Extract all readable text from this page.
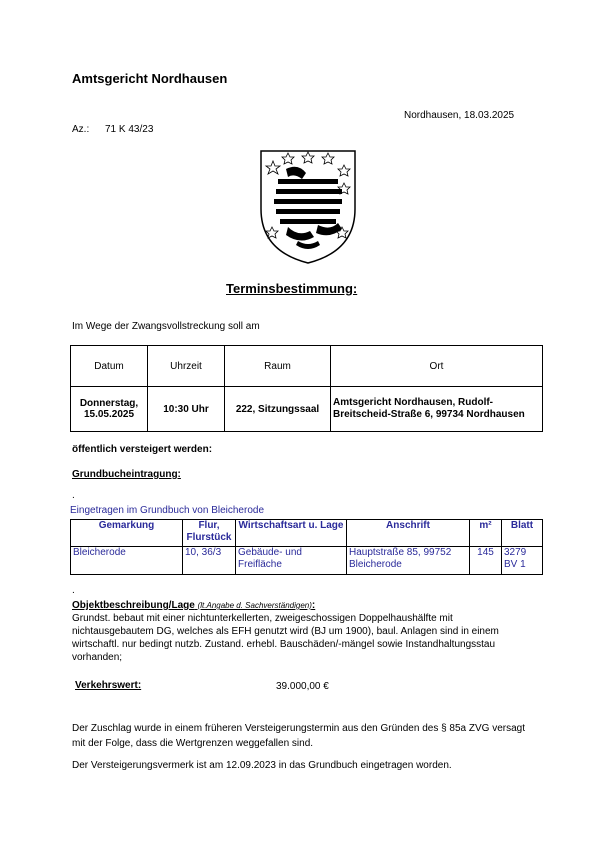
Amtsgericht Nordhausen
Nordhausen, 18.03.2025
Az.: 71 K 43/23
Terminsbestimmung:
Im Wege der Zwangsvollstreckung soll am
Datum	Uhrzeit	Raum	Ort
Donnerstag, 15.05.2025	10:30 Uhr	222, Sitzungssaal	Amtsgericht Nordhausen, Rudolf-Breitscheid-Straße 6, 99734 Nordhausen
öffentlich versteigert werden:
Grundbucheintragung:
.
Eingetragen im Grundbuch von Bleicherode
Gemarkung	Flur, Flurstück	Wirtschaftsart u. Lage	Anschrift	m²	Blatt
Bleicherode	10, 36/3	Gebäude- und Freifläche	Hauptstraße 85, 99752 Bleicherode	145	3279 BV 1
.
Objektbeschreibung/Lage (lt.Angabe d. Sachverständigen):
Grundst. bebaut mit einer nichtunterkellerten, zweigeschossigen Doppelhaushälfte mit nichtausgebautem DG, welches als EFH genutzt wird (BJ um 1900), baul. Anlagen sind in einem wirtschaftl. nur bedingt nutzb. Zustand. erhebl. Bauschäden/-mängel sowie Instandhaltungsstau vorhanden;
Verkehrswert:	39.000,00 €
Der Zuschlag wurde in einem früheren Versteigerungstermin aus den Gründen des § 85a ZVG versagt mit der Folge, dass die Wertgrenzen weggefallen sind.
Der Versteigerungsvermerk ist am 12.09.2023 in das Grundbuch eingetragen worden.
